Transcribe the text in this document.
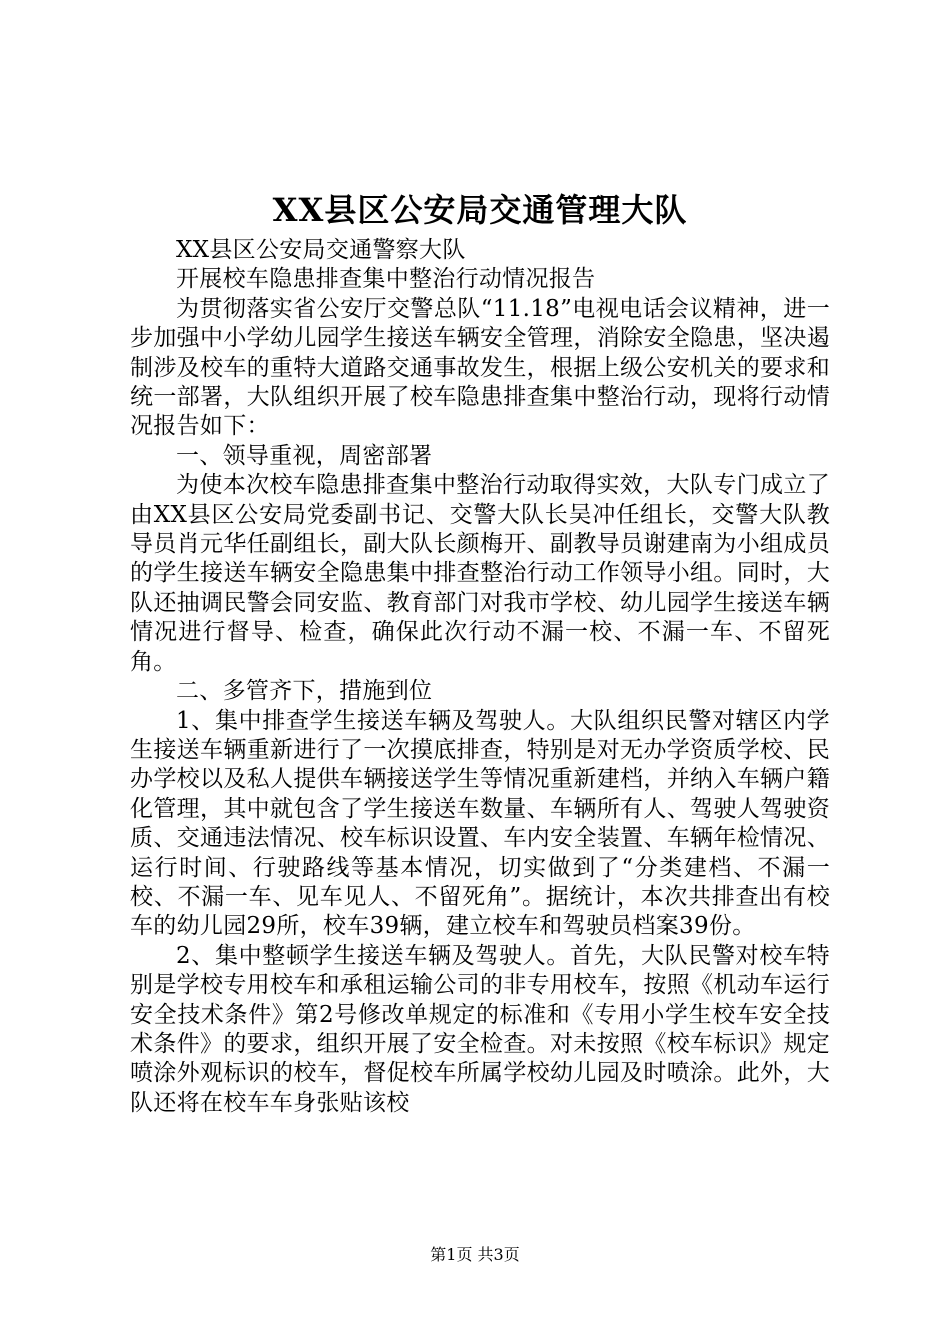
XX县区公安局交通管理大队

XX县区公安局交通警察大队

开展校车隐患排查集中整治行动情况报告

为贯彻落实省公安厅交警总队“11.18”电视电话会议精神，进一步加强中小学幼儿园学生接送车辆安全管理，消除安全隐患，坚决遏制涉及校车的重特大道路交通事故发生，根据上级公安机关的要求和统一部署，大队组织开展了校车隐患排查集中整治行动，现将行动情况报告如下：

一、领导重视，周密部署

为使本次校车隐患排查集中整治行动取得实效，大队专门成立了由XX县区公安局党委副书记、交警大队长吴冲任组长，交警大队教导员肖元华任副组长，副大队长颜梅开、副教导员谢建南为小组成员的学生接送车辆安全隐患集中排查整治行动工作领导小组。同时，大队还抽调民警会同安监、教育部门对我市学校、幼儿园学生接送车辆情况进行督导、检查，确保此次行动不漏一校、不漏一车、不留死角。

二、多管齐下，措施到位

1、集中排查学生接送车辆及驾驶人。大队组织民警对辖区内学生接送车辆重新进行了一次摸底排查，特别是对无办学资质学校、民办学校以及私人提供车辆接送学生等情况重新建档，并纳入车辆户籍化管理，其中就包含了学生接送车数量、车辆所有人、驾驶人驾驶资质、交通违法情况、校车标识设置、车内安全装置、车辆年检情况、运行时间、行驶路线等基本情况，切实做到了“分类建档、不漏一校、不漏一车、见车见人、不留死角”。据统计，本次共排查出有校车的幼儿园29所，校车39辆，建立校车和驾驶员档案39份。

2、集中整顿学生接送车辆及驾驶人。首先，大队民警对校车特别是学校专用校车和承租运输公司的非专用校车，按照《机动车运行安全技术条件》第2号修改单规定的标准和《专用小学生校车安全技术条件》的要求，组织开展了安全检查。对未按照《校车标识》规定喷涂外观标识的校车，督促校车所属学校幼儿园及时喷涂。此外，大队还将在校车车身张贴该校

第1页 共3页
